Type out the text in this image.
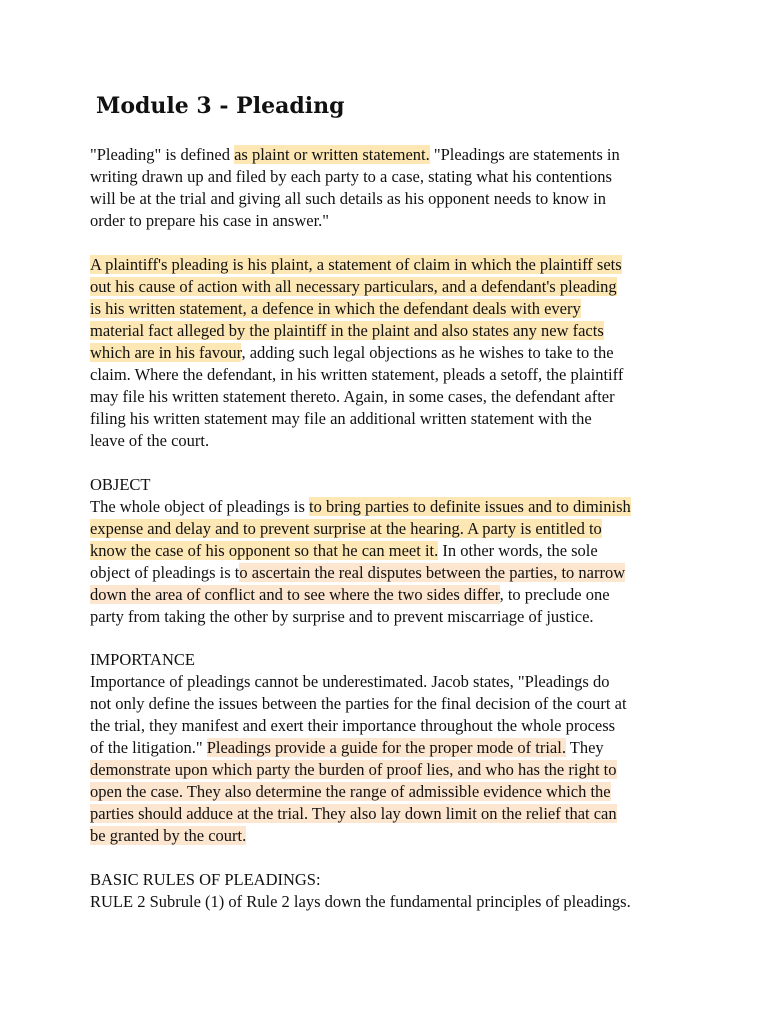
Module 3 - Pleading

"Pleading" is defined as plaint or written statement. "Pleadings are statements in
writing drawn up and filed by each party to a case, stating what his contentions
will be at the trial and giving all such details as his opponent needs to know in
order to prepare his case in answer."

A plaintiff's pleading is his plaint, a statement of claim in which the plaintiff sets
out his cause of action with all necessary particulars, and a defendant's pleading
is his written statement, a defence in which the defendant deals with every
material fact alleged by the plaintiff in the plaint and also states any new facts
which are in his favour, adding such legal objections as he wishes to take to the
claim. Where the defendant, in his written statement, pleads a setoff, the plaintiff
may file his written statement thereto. Again, in some cases, the defendant after
filing his written statement may file an additional written statement with the
leave of the court.

OBJECT
The whole object of pleadings is to bring parties to definite issues and to diminish
expense and delay and to prevent surprise at the hearing. A party is entitled to
know the case of his opponent so that he can meet it. In other words, the sole
object of pleadings is to ascertain the real disputes between the parties, to narrow
down the area of conflict and to see where the two sides differ, to preclude one
party from taking the other by surprise and to prevent miscarriage of justice.

IMPORTANCE
Importance of pleadings cannot be underestimated. Jacob states, "Pleadings do
not only define the issues between the parties for the final decision of the court at
the trial, they manifest and exert their importance throughout the whole process
of the litigation." Pleadings provide a guide for the proper mode of trial. They
demonstrate upon which party the burden of proof lies, and who has the right to
open the case. They also determine the range of admissible evidence which the
parties should adduce at the trial. They also lay down limit on the relief that can
be granted by the court.

BASIC RULES OF PLEADINGS:
RULE 2 Subrule (1) of Rule 2 lays down the fundamental principles of pleadings.
